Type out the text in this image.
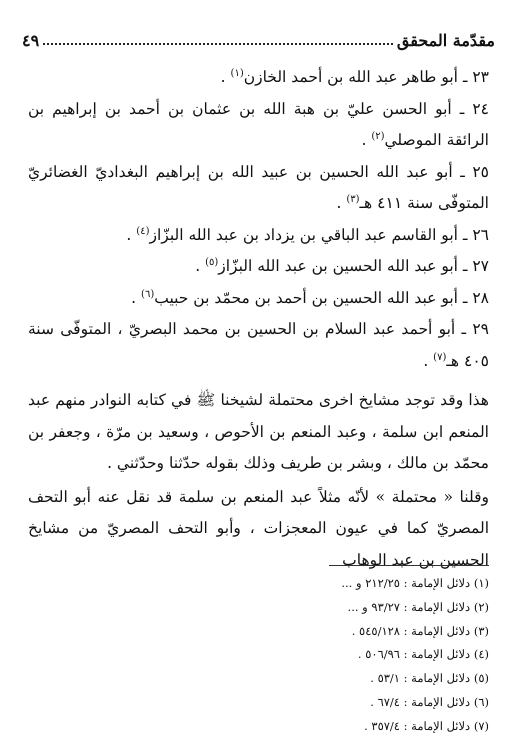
مقدّمة المحقق
٤٩

٢٣ ـ أبو طاهر عبد الله بن أحمد الخازن$^{(١)}$ .

٢٤ ـ أبو الحسن عليّ بن هبة الله بن عثمان بن أحمد بن إبراهيم بن الرائقة الموصلي$^{(٢)}$ .

٢٥ ـ أبو عبد الله الحسين بن عبيد الله بن إبراهيم البغداديّ الغضائريّ المتوفّى سنة ٤١١ هـ$^{(٣)}$ .

٢٦ ـ أبو القاسم عبد الباقي بن يزداد بن عبد الله البزّاز$^{(٤)}$ .

٢٧ ـ أبو عبد الله الحسين بن عبد الله البزّاز$^{(٥)}$ .

٢٨ ـ أبو عبد الله الحسين بن أحمد بن محمّد بن حبيب$^{(٦)}$ .

٢٩ ـ أبو أحمد عبد السلام بن الحسين بن محمد البصريّ ، المتوفّى سنة ٤٠٥ هـ$^{(٧)}$ .

هذا وقد توجد مشايخ اخرى محتملة لشيخنا ﷺ في كتابه النوادر منهم عبد المنعم ابن سلمة ، وعبد المنعم بن الأحوص ، وسعيد بن مرّة ، وجعفر بن محمّد بن مالك ، وبشر بن طريف وذلك بقوله حدّثنا وحدّثني .

وقلنا « محتملة » لأنّه مثلاً عبد المنعم بن سلمة قد نقل عنه أبو التحف المصريّ كما في عيون المعجزات ، وأبو التحف المصريّ من مشايخ الحسين بن عبد الوهاب

(١) دلائل الإمامة : ٢١٢/٢٥ و ...
(٢) دلائل الإمامة : ٩٣/٢٧ و ...
(٣) دلائل الإمامة : ٥٤٥/١٢٨ .
(٤) دلائل الإمامة : ٥٠٦/٩٦ .
(٥) دلائل الإمامة : ٥٣/١ .
(٦) دلائل الإمامة : ٦٧/٤ .
(٧) دلائل الإمامة : ٣٥٧/٤ .
